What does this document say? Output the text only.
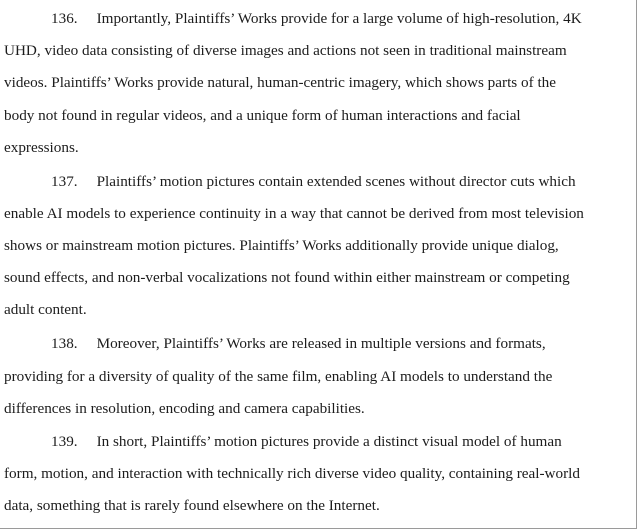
136. Importantly, Plaintiffs’ Works provide for a large volume of high-resolution, 4K

UHD, video data consisting of diverse images and actions not seen in traditional mainstream

videos. Plaintiffs’ Works provide natural, human-centric imagery, which shows parts of the

body not found in regular videos, and a unique form of human interactions and facial

expressions.

137. Plaintiffs’ motion pictures contain extended scenes without director cuts which

enable AI models to experience continuity in a way that cannot be derived from most television

shows or mainstream motion pictures. Plaintiffs’ Works additionally provide unique dialog,

sound effects, and non-verbal vocalizations not found within either mainstream or competing

adult content.

138. Moreover, Plaintiffs’ Works are released in multiple versions and formats,

providing for a diversity of quality of the same film, enabling AI models to understand the

differences in resolution, encoding and camera capabilities.

139. In short, Plaintiffs’ motion pictures provide a distinct visual model of human

form, motion, and interaction with technically rich diverse video quality, containing real-world

data, something that is rarely found elsewhere on the Internet.
